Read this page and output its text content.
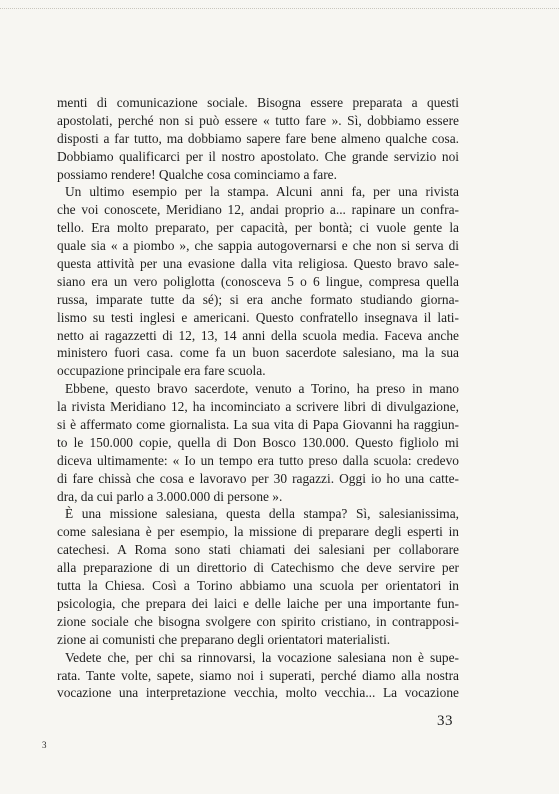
menti di comunicazione sociale. Bisogna essere preparata a questi
apostolati, perché non si può essere « tutto fare ». Sì, dobbiamo essere
disposti a far tutto, ma dobbiamo sapere fare bene almeno qualche cosa.
Dobbiamo qualificarci per il nostro apostolato. Che grande servizio noi
possiamo rendere! Qualche cosa cominciamo a fare.
Un ultimo esempio per la stampa. Alcuni anni fa, per una rivista
che voi conoscete, Meridiano 12, andai proprio a... rapinare un confra-
tello. Era molto preparato, per capacità, per bontà; ci vuole gente la
quale sia « a piombo », che sappia autogovernarsi e che non si serva di
questa attività per una evasione dalla vita religiosa. Questo bravo sale-
siano era un vero poliglotta (conosceva 5 o 6 lingue, compresa quella
russa, imparate tutte da sé); si era anche formato studiando giorna-
lismo su testi inglesi e americani. Questo confratello insegnava il lati-
netto ai ragazzetti di 12, 13, 14 anni della scuola media. Faceva anche
ministero fuori casa. come fa un buon sacerdote salesiano, ma la sua
occupazione principale era fare scuola.
Ebbene, questo bravo sacerdote, venuto a Torino, ha preso in mano
la rivista Meridiano 12, ha incominciato a scrivere libri di divulgazione,
si è affermato come giornalista. La sua vita di Papa Giovanni ha raggiun-
to le 150.000 copie, quella di Don Bosco 130.000. Questo figliolo mi
diceva ultimamente: « Io un tempo era tutto preso dalla scuola: credevo
di fare chissà che cosa e lavoravo per 30 ragazzi. Oggi io ho una catte-
dra, da cui parlo a 3.000.000 di persone ».
È una missione salesiana, questa della stampa? Sì, salesianissima,
come salesiana è per esempio, la missione di preparare degli esperti in
catechesi. A Roma sono stati chiamati dei salesiani per collaborare
alla preparazione di un direttorio di Catechismo che deve servire per
tutta la Chiesa. Così a Torino abbiamo una scuola per orientatori in
psicologia, che prepara dei laici e delle laiche per una importante fun-
zione sociale che bisogna svolgere con spirito cristiano, in contrapposi-
zione ai comunisti che preparano degli orientatori materialisti.
Vedete che, per chi sa rinnovarsi, la vocazione salesiana non è supe-
rata. Tante volte, sapete, siamo noi i superati, perché diamo alla nostra
vocazione una interpretazione vecchia, molto vecchia... La vocazione
33
3
